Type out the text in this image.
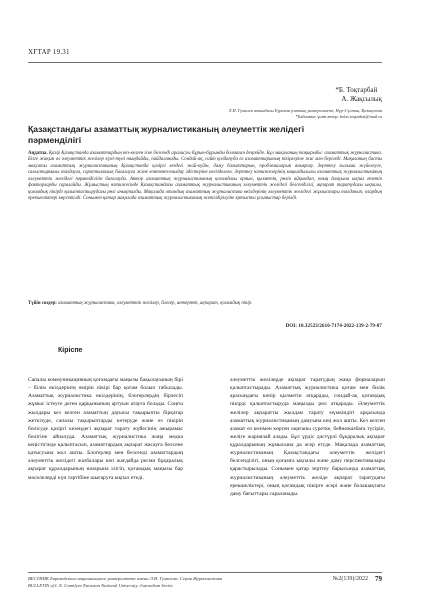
ХҒТАР 19.31
*Б. Тоқтарбай
А. Жақсылық
Л.Н. Гумилев атындағы Еуразия ұлттық университеті, Нұр-Сұлтан, Қазақстан
*Байланыс үшін автор: bolat.toqtarbai@mail.ru
Қазақстандағы азаматтық журналистиканың әлеуметтік желідегі пәрмендiлігі
Аңдатпа. Қазір Қазақстанда азаматтардың кез-келген іске белсенді араласуы бұрын-бұрынды болмаған деңгейде. Бұл мақаланың тақырыбы: азаматтық журналистика. Бізге жақын ол әлеуметтік желілер күні-түні тыңдайды, пайдаланады. Сондай-ақ, сайт қолдануда ел азаматтарының пікірлеріне жиі мән беріледі. Мақаланың басты мақсаты азаматтық журналистиканың Қазақстанда қазіргі кездегі жай-күйін, даму бағыттарын, проблемаларын анықтау. Зерттеу ғылыми жүйелеуге, салыстырмалы талдауға, сараптамалық бағалауға және контент-талдау әдістеріне негізделген. Зерттеу нәтижелерінің маңыздылығы азаматтық журналистиканың әлеуметтік желідегі пәрмендiлігін бағалауда. Автор азаматтық журналистиканың қоғамдағы орнын, қызметін, рөлін айқындап, оның дамуына ықпал ететін факторларды саралайды. Жұмыстың нәтижесінде Қазақстандағы азаматтық журналистиканың әлеуметтік желідегі белсенділігі, ақпарат таратудағы ықпалы, қоғамдық пікірді қалыптастырудағы рөлі анықталды. Мақалада отандық азаматтық журналистика өкілдерінің әлеуметтік желідегі жұмыстары талданып, олардың ерекшеліктері көрсетілді. Сонымен қатар мақалада азаматтық журналистиканың жетілдірілуіне қатысты ұсыныстар берілді.
Түйін сөздер: азаматтық журналистика, әлеуметтік желілер, блогер, интернет, ақпарат, қоғамдық пікір.
DOI: 10.32523/2616-7174-2022-139-2-79-87
Кіріспе

Сапалы коммуникацияның қоғамдағы маңызы бақылауының бірі – білім өкілдерінің өмірін пікірі бар қоғам болып табылады. Азаматтық журналистика өкілдерінің, блогерлердің бірлесіп жұмыс істеуге деген қарқынының артуын атауға болады. Соңғы жылдары кез келген азаматтың дауысы тақырыпты бірқатар жеткізуде, сапалы тақырыптарды көтеруде және өз пікірін бөлісуде қазіргі кезеңдегі ақпарат тарату жүйесінің ажырамас бөлігіне айналуда. Азаматтық журналистика жаңа медиа кеңістігінде қалыптасып, азаматтардың ақпарат жасауға белсене қатысуына жол ашты. Блогерлер мен белсенді азаматтардың әлеуметтік желідегі жазбалары көп жағдайда ресми бұқаралық ақпарат құралдарының назарына ілігіп, қоғамдық маңызы бар мәселелерді күн тәртібіне шығаруға ықпал етеді.

әлеуметтік желілерде ақпарат таратудың жаңа формаларын қалыптастырады. Азаматтық журналистика қоғам мен билік арасындағы көпір қызметін атқарады, сондай-ақ қоғамдық пікірді қалыптастыруда маңызды рөл атқарады. Әлеуметтік желілер ақпаратты жылдам тарату мүмкіндігі арқасында азаматтық журналистиканың дамуына кең жол ашты. Кез келген азамат өз көзімен көрген оқиғаны суретке, бейнежазбаға түсіріп, желіге жариялай алады. Бұл үрдіс дәстүрлі бұқаралық ақпарат құралдарының жұмысына да әсер етуде. Мақалада азаматтық журналистиканың Қазақстандағы әлеуметтік желідегі белсенділігі, оның қоғамға ықпалы және даму перспективалары қарастырылады. Сонымен қатар зерттеу барысында азаматтық журналистиканың әлеуметтік желіде ақпарат таратудағы ерекшеліктері, оның қоғамдық пікірге әсері және болашақтағы даму бағыттары сараланады.

ВЕСТНИК Евразийского национального университета имени Л.Н. Гумилева. Серия Журналистика
BULLETIN of L.N. Gumilyov Eurasian National University. Journalism Series
№2(139)/2022 79
